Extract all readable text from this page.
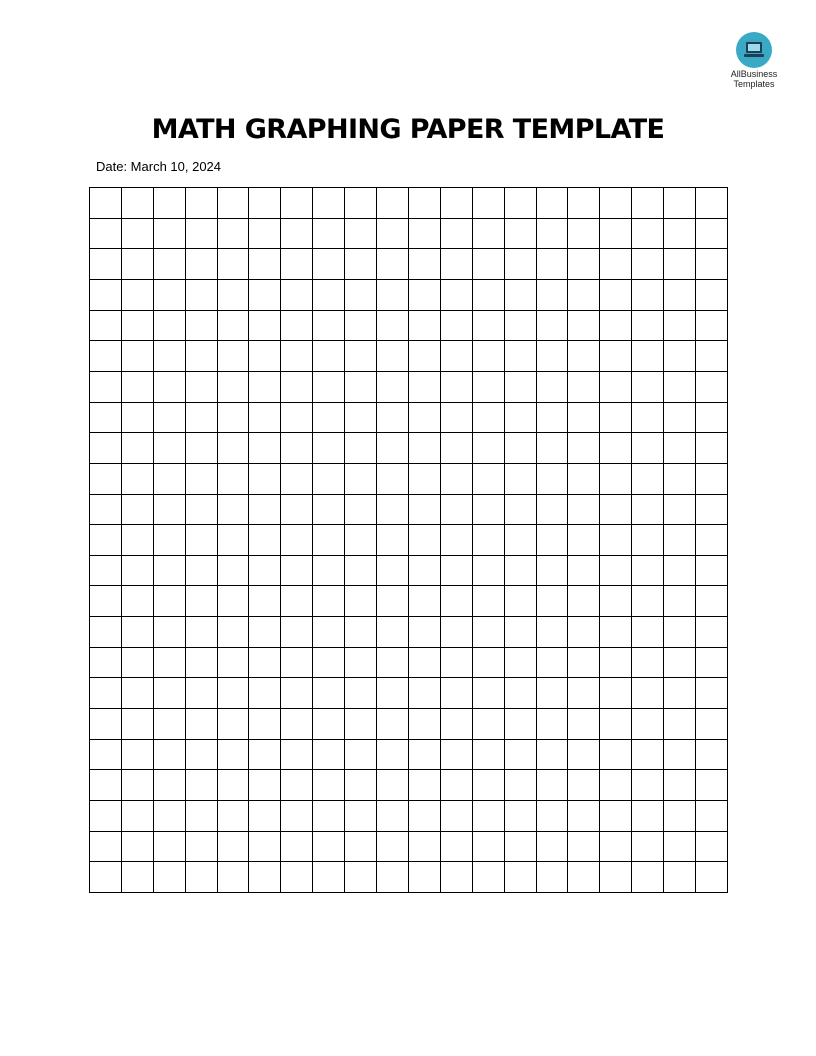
AllBusiness
Templates
MATH GRAPHING PAPER TEMPLATE
Date: March 10, 2024
